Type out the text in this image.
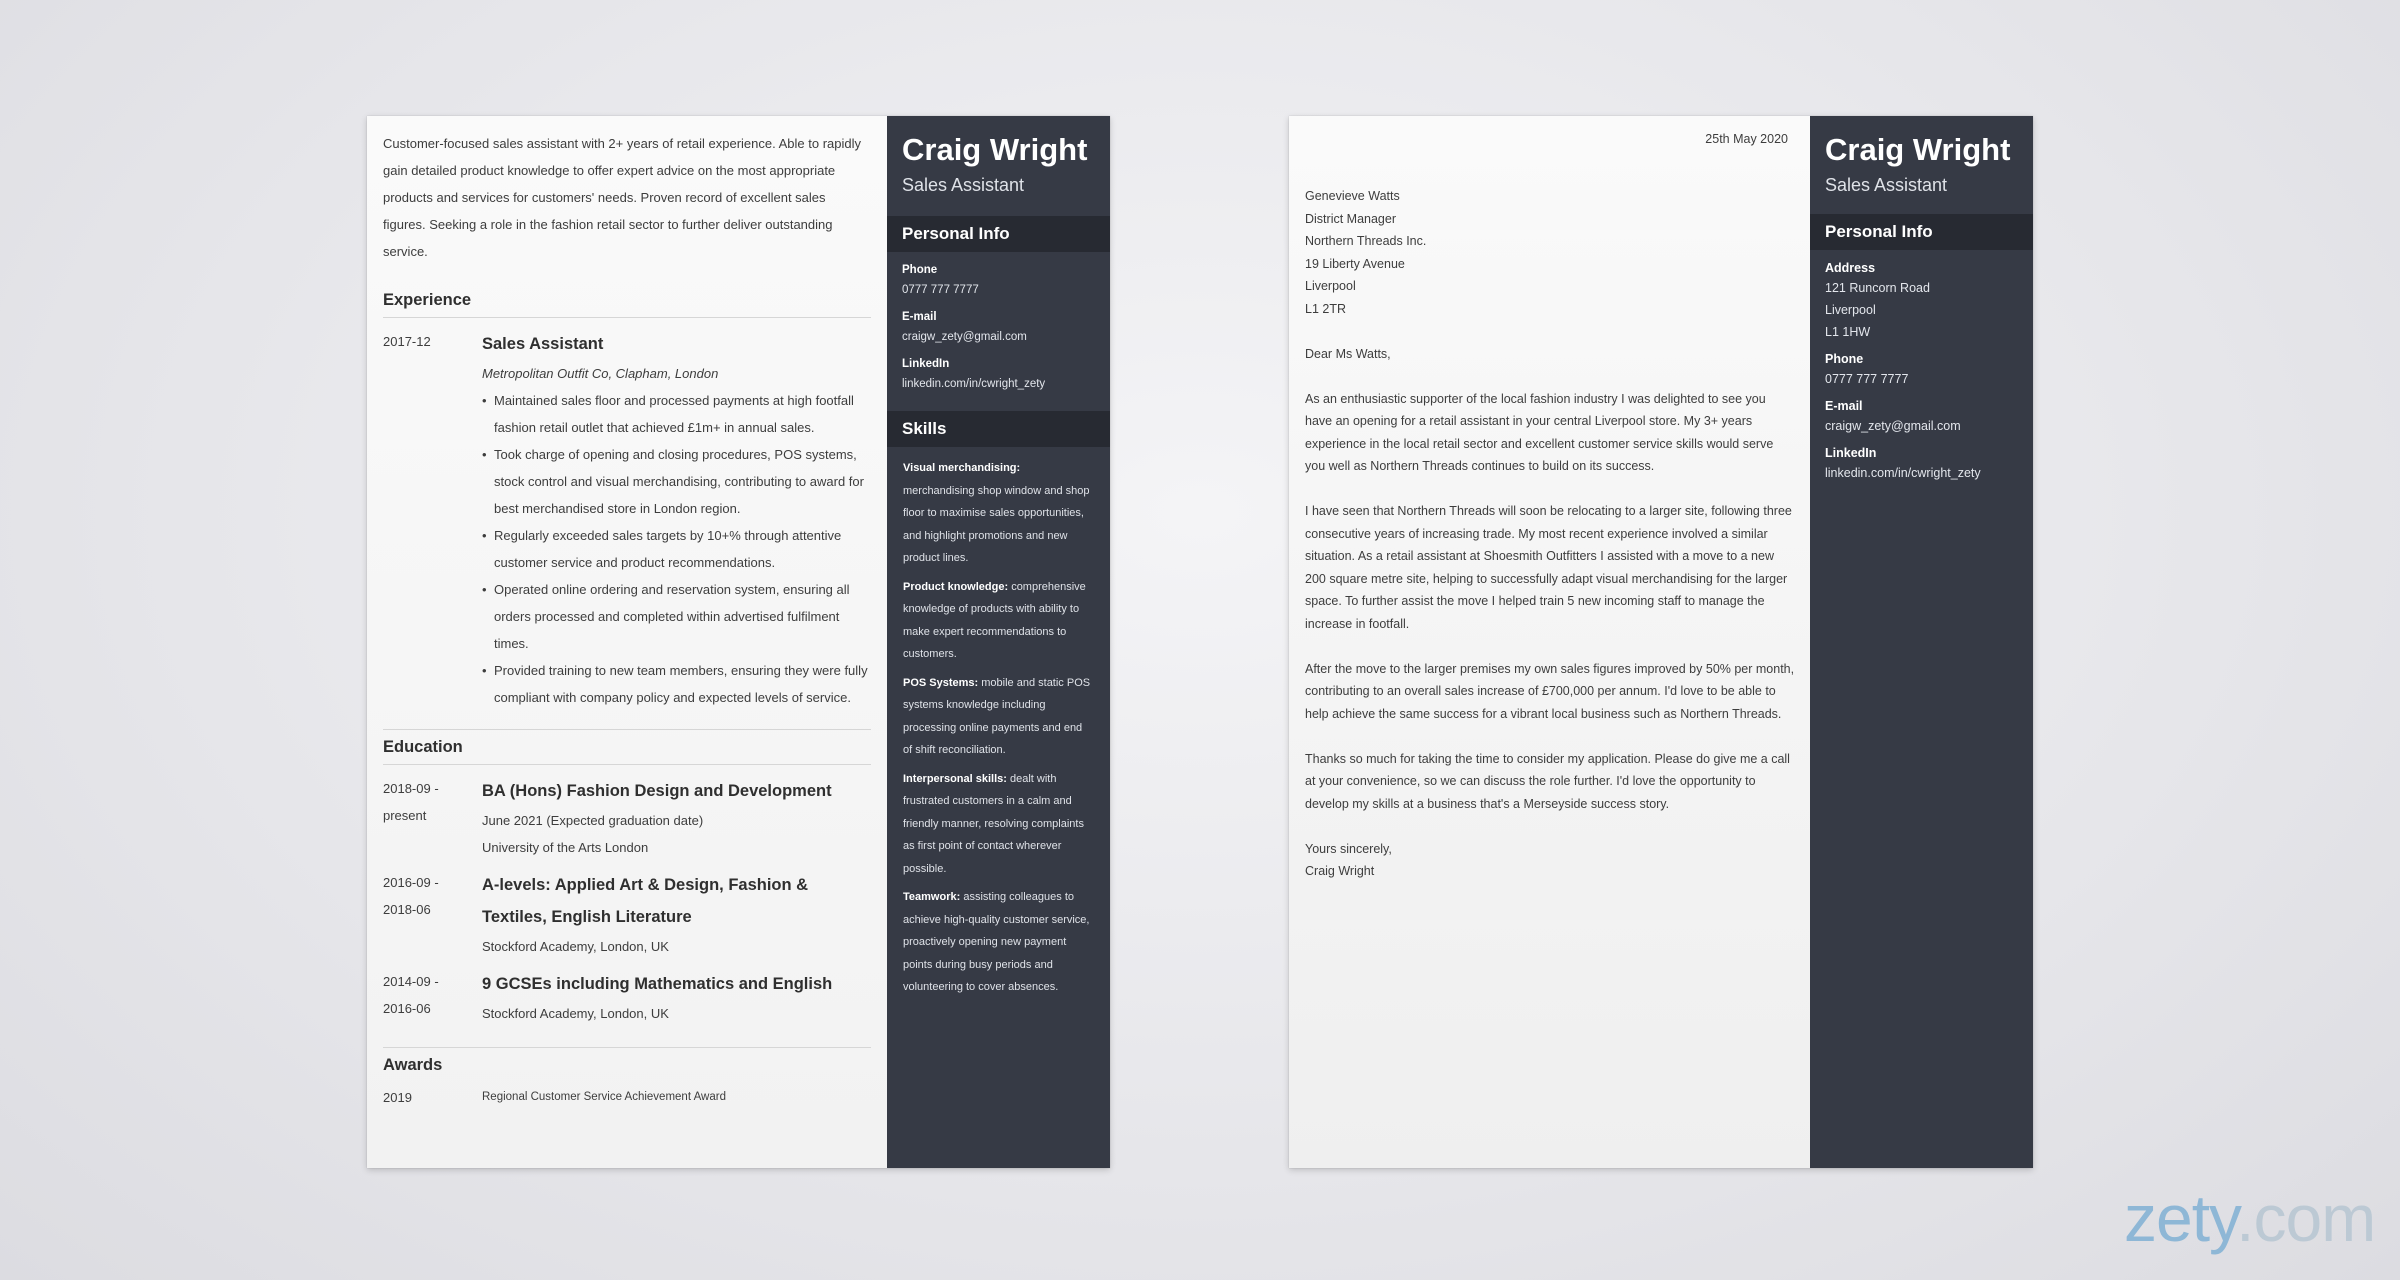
Customer-focused sales assistant with 2+ years of retail experience. Able to rapidly gain detailed product knowledge to offer expert advice on the most appropriate products and services for customers' needs. Proven record of excellent sales figures. Seeking a role in the fashion retail sector to further deliver outstanding service.
Experience
2017-12	Sales Assistant
Metropolitan Outfit Co, Clapham, London
• Maintained sales floor and processed payments at high footfall fashion retail outlet that achieved £1m+ in annual sales.
• Took charge of opening and closing procedures, POS systems, stock control and visual merchandising, contributing to award for best merchandised store in London region.
• Regularly exceeded sales targets by 10+% through attentive customer service and product recommendations.
• Operated online ordering and reservation system, ensuring all orders processed and completed within advertised fulfilment times.
• Provided training to new team members, ensuring they were fully compliant with company policy and expected levels of service.
Education
2018-09 -
present
BA (Hons) Fashion Design and Development
June 2021 (Expected graduation date)
University of the Arts London
2016-09 -
2018-06
A-levels: Applied Art & Design, Fashion & Textiles, English Literature
Stockford Academy, London, UK
2014-09 -
2016-06
9 GCSEs including Mathematics and English
Stockford Academy, London, UK
Awards
2019	Regional Customer Service Achievement Award
Craig Wright
Sales Assistant
Personal Info
Phone
0777 777 7777
E-mail
craigw_zety@gmail.com
LinkedIn
linkedin.com/in/cwright_zety
Skills
Visual merchandising: merchandising shop window and shop floor to maximise sales opportunities, and highlight promotions and new product lines.
Product knowledge: comprehensive knowledge of products with ability to make expert recommendations to customers.
POS Systems: mobile and static POS systems knowledge including processing online payments and end of shift reconciliation.
Interpersonal skills: dealt with frustrated customers in a calm and friendly manner, resolving complaints as first point of contact wherever possible.
Teamwork: assisting colleagues to achieve high-quality customer service, proactively opening new payment points during busy periods and volunteering to cover absences.
25th May 2020

Genevieve Watts
District Manager
Northern Threads Inc.
19 Liberty Avenue
Liverpool
L1 2TR

Dear Ms Watts,

As an enthusiastic supporter of the local fashion industry I was delighted to see you have an opening for a retail assistant in your central Liverpool store. My 3+ years experience in the local retail sector and excellent customer service skills would serve you well as Northern Threads continues to build on its success.

I have seen that Northern Threads will soon be relocating to a larger site, following three consecutive years of increasing trade. My most recent experience involved a similar situation. As a retail assistant at Shoesmith Outfitters I assisted with a move to a new 200 square metre site, helping to successfully adapt visual merchandising for the larger space. To further assist the move I helped train 5 new incoming staff to manage the increase in footfall.

After the move to the larger premises my own sales figures improved by 50% per month, contributing to an overall sales increase of £700,000 per annum. I'd love to be able to help achieve the same success for a vibrant local business such as Northern Threads.

Thanks so much for taking the time to consider my application. Please do give me a call at your convenience, so we can discuss the role further. I'd love the opportunity to develop my skills at a business that's a Merseyside success story.

Yours sincerely,
Craig Wright

Craig Wright
Sales Assistant
Personal Info
Address
121 Runcorn Road
Liverpool
L1 1HW
Phone
0777 777 7777
E-mail
craigw_zety@gmail.com
LinkedIn
linkedin.com/in/cwright_zety
zety.com
